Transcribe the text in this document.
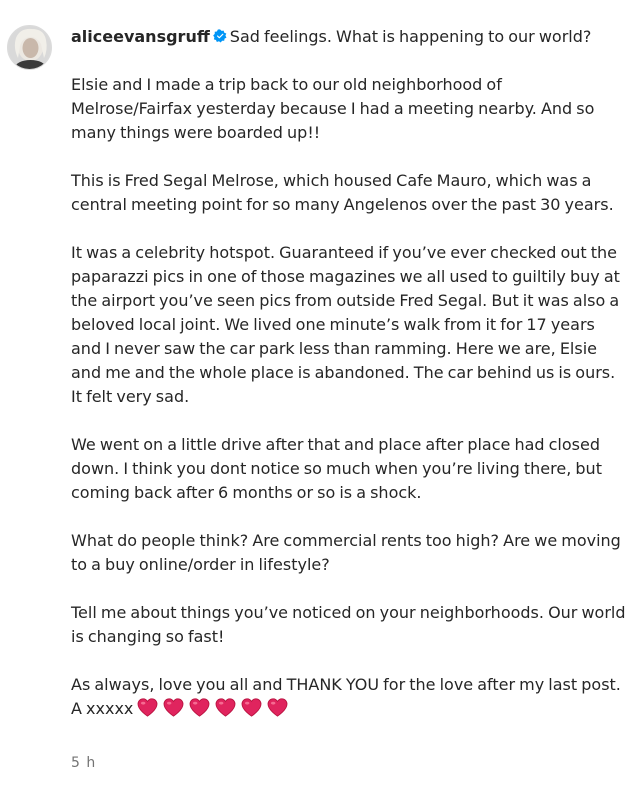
aliceevansgruff Sad feelings. What is happening to our world?

Elsie and I made a trip back to our old neighborhood of Melrose/Fairfax yesterday because I had a meeting nearby. And so many things were boarded up!!

This is Fred Segal Melrose, which housed Cafe Mauro, which was a central meeting point for so many Angelenos over the past 30 years.

It was a celebrity hotspot. Guaranteed if you’ve ever checked out the paparazzi pics in one of those magazines we all used to guiltily buy at the airport you’ve seen pics from outside Fred Segal. But it was also a beloved local joint. We lived one minute’s walk from it for 17 years and I never saw the car park less than ramming. Here we are, Elsie and me and the whole place is abandoned. The car behind us is ours. It felt very sad.

We went on a little drive after that and place after place had closed down. I think you dont notice so much when you’re living there, but coming back after 6 months or so is a shock.

What do people think? Are commercial rents too high? Are we moving to a buy online/order in lifestyle?

Tell me about things you’ve noticed on your neighborhoods. Our world is changing so fast!

As always, love you all and THANK YOU for the love after my last post. A xxxxx

5 h
